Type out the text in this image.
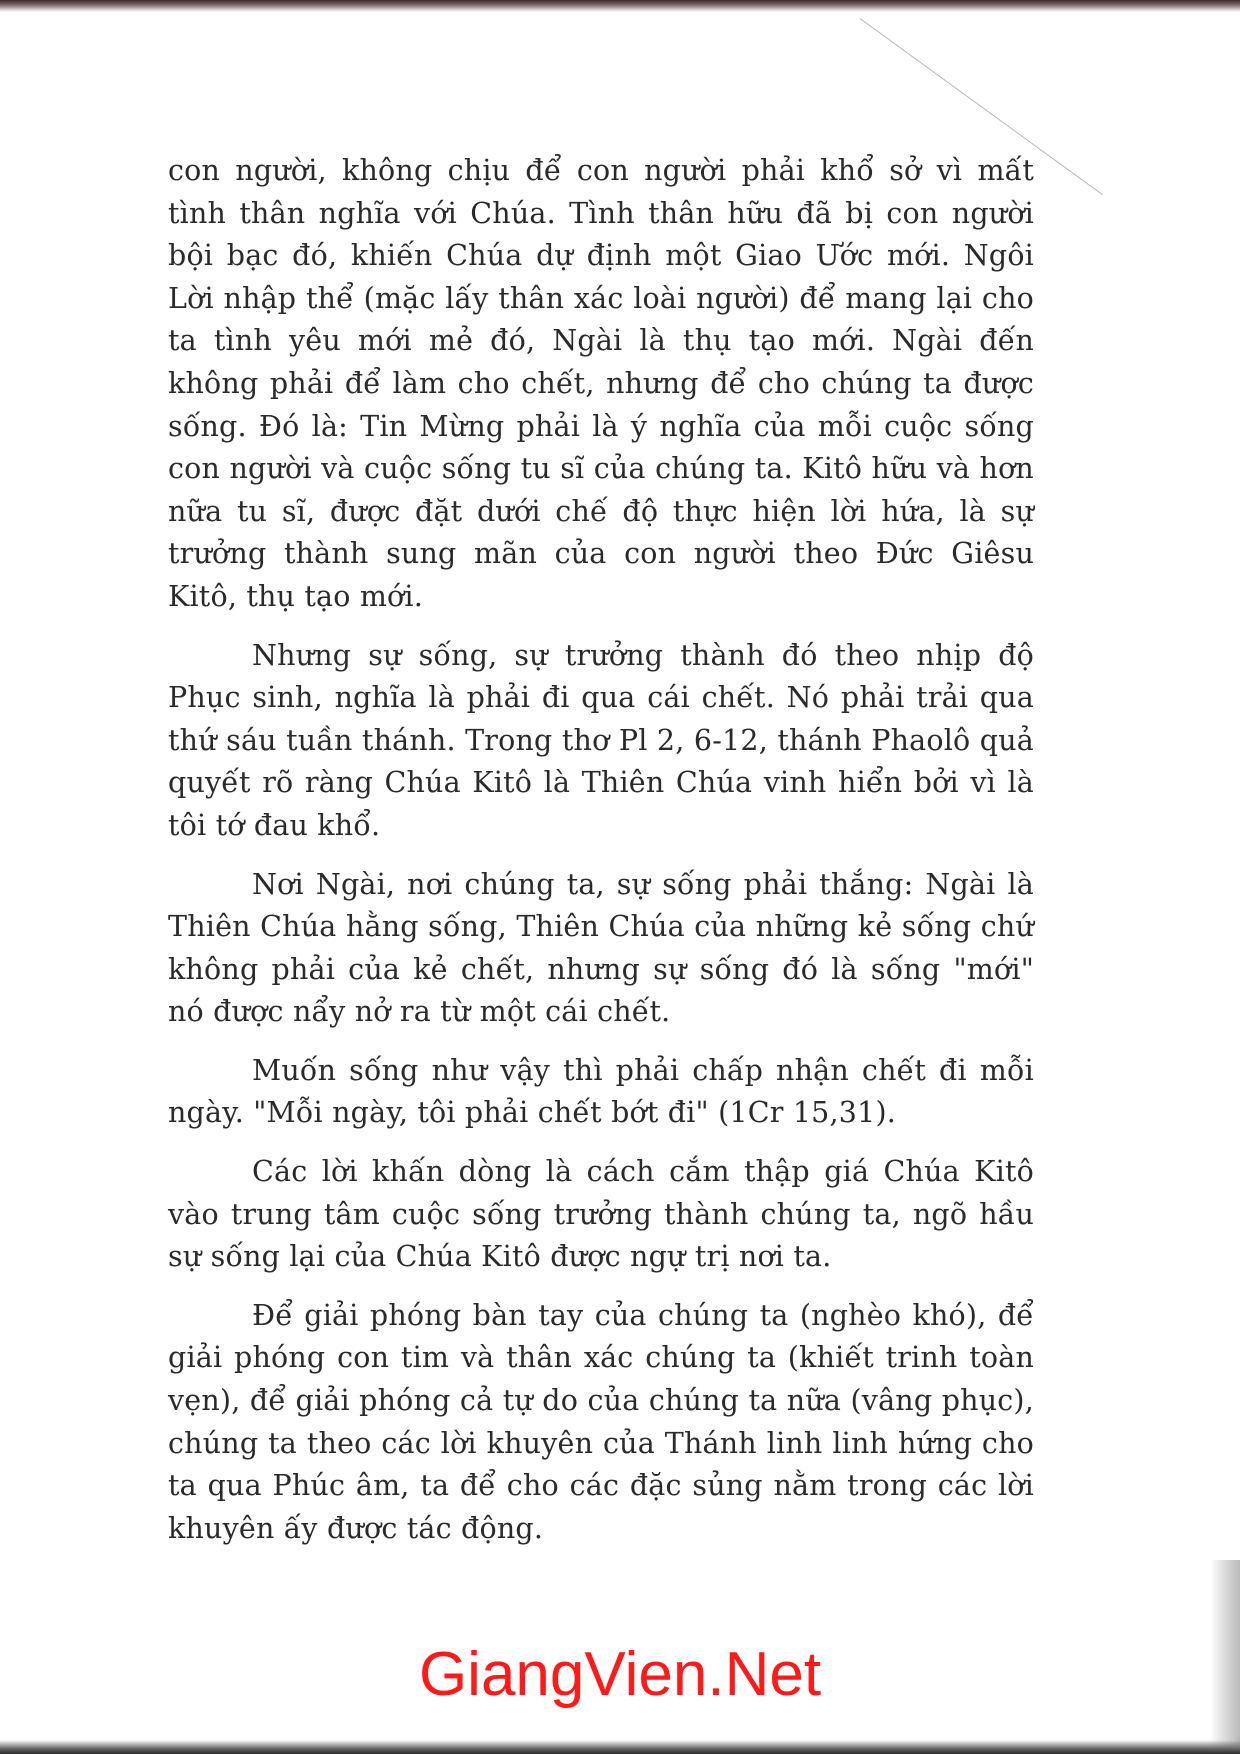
con người, không chịu để con người phải khổ sở vì mất tình thân nghĩa với Chúa. Tình thân hữu đã bị con người bội bạc đó, khiến Chúa dự định một Giao Ước mới. Ngôi Lời nhập thể (mặc lấy thân xác loài người) để mang lại cho ta tình yêu mới mẻ đó, Ngài là thụ tạo mới. Ngài đến không phải để làm cho chết, nhưng để cho chúng ta được sống. Đó là: Tin Mừng phải là ý nghĩa của mỗi cuộc sống con người và cuộc sống tu sĩ của chúng ta. Kitô hữu và hơn nữa tu sĩ, được đặt dưới chế độ thực hiện lời hứa, là sự trưởng thành sung mãn của con người theo Đức Giêsu Kitô, thụ tạo mới.

Nhưng sự sống, sự trưởng thành đó theo nhịp độ Phục sinh, nghĩa là phải đi qua cái chết. Nó phải trải qua thứ sáu tuần thánh. Trong thơ Pl 2, 6-12, thánh Phaolô quả quyết rõ ràng Chúa Kitô là Thiên Chúa vinh hiển bởi vì là tôi tớ đau khổ.

Nơi Ngài, nơi chúng ta, sự sống phải thắng: Ngài là Thiên Chúa hằng sống, Thiên Chúa của những kẻ sống chứ không phải của kẻ chết, nhưng sự sống đó là sống "mới" nó được nẩy nở ra từ một cái chết.

Muốn sống như vậy thì phải chấp nhận chết đi mỗi ngày. "Mỗi ngày, tôi phải chết bớt đi" (1Cr 15,31).

Các lời khấn dòng là cách cắm thập giá Chúa Kitô vào trung tâm cuộc sống trưởng thành chúng ta, ngõ hầu sự sống lại của Chúa Kitô được ngự trị nơi ta.

Để giải phóng bàn tay của chúng ta (nghèo khó), để giải phóng con tim và thân xác chúng ta (khiết trinh toàn vẹn), để giải phóng cả tự do của chúng ta nữa (vâng phục), chúng ta theo các lời khuyên của Thánh linh linh hứng cho ta qua Phúc âm, ta để cho các đặc sủng nằm trong các lời khuyên ấy được tác động.

GiangVien.Net
